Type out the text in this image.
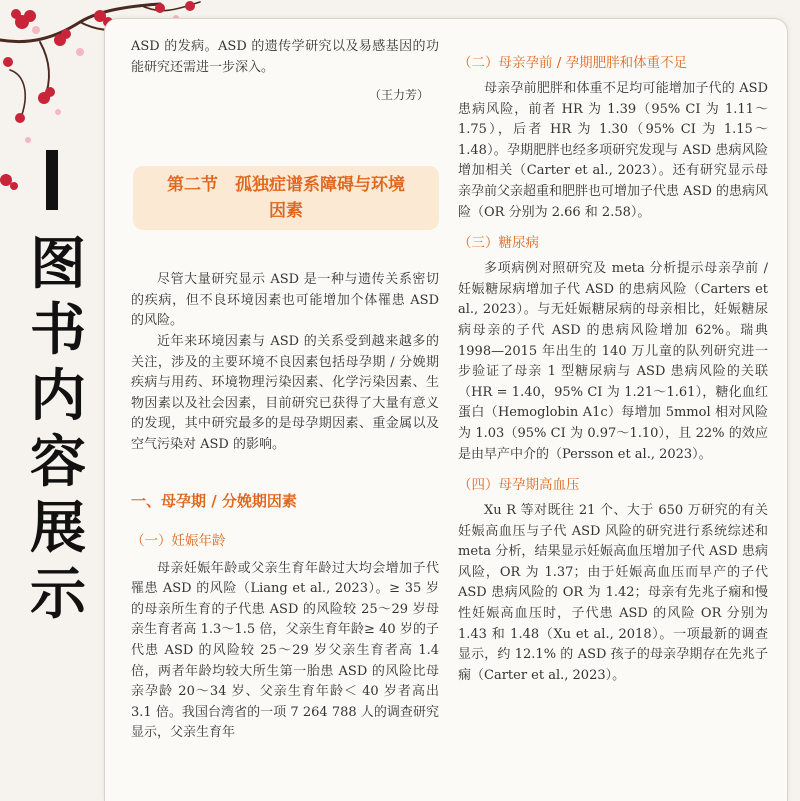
图
书
内
容
展
示

ASD 的发病。ASD 的遗传学研究以及易感基因的功能研究还需进一步深入。

（王力芳）
第二节　孤独症谱系障碍与环境
因素

尽管大量研究显示 ASD 是一种与遗传关系密切的疾病，但不良环境因素也可能增加个体罹患 ASD 的风险。

近年来环境因素与 ASD 的关系受到越来越多的关注，涉及的主要环境不良因素包括母孕期 / 分娩期疾病与用药、环境物理污染因素、化学污染因素、生物因素以及社会因素，目前研究已获得了大量有意义的发现，其中研究最多的是母孕期因素、重金属以及空气污染对 ASD 的影响。

一、母孕期 / 分娩期因素
（一）妊娠年龄

母亲妊娠年龄或父亲生育年龄过大均会增加子代罹患 ASD 的风险（Liang et al., 2023）。≥ 35 岁的母亲所生育的子代患 ASD 的风险较 25～29 岁母亲生育者高 1.3～1.5 倍，父亲生育年龄≥ 40 岁的子代患 ASD 的风险较 25～29 岁父亲生育者高 1.4 倍，两者年龄均较大所生第一胎患 ASD 的风险比母亲孕龄 20～34 岁、父亲生育年龄＜ 40 岁者高出 3.1 倍。我国台湾省的一项 7 264 788 人的调查研究显示，父亲生育年

（二）母亲孕前 / 孕期肥胖和体重不足

母亲孕前肥胖和体重不足均可能增加子代的 ASD 患病风险，前者 HR 为 1.39（95% CI 为 1.11～1.75），后者 HR 为 1.30（95% CI 为 1.15～1.48）。孕期肥胖也经多项研究发现与 ASD 患病风险增加相关（Carter et al., 2023）。还有研究显示母亲孕前父亲超重和肥胖也可增加子代患 ASD 的患病风险（OR 分别为 2.66 和 2.58）。

（三）糖尿病

多项病例对照研究及 meta 分析提示母亲孕前 / 妊娠糖尿病增加子代 ASD 的患病风险（Carters et al., 2023）。与无妊娠糖尿病的母亲相比，妊娠糖尿病母亲的子代 ASD 的患病风险增加 62%。瑞典 1998—2015 年出生的 140 万儿童的队列研究进一步验证了母亲 1 型糖尿病与 ASD 患病风险的关联（HR = 1.40，95% CI 为 1.21～1.61），糖化血红蛋白（Hemoglobin A1c）每增加 5mmol 相对风险 为 1.03（95% CI 为 0.97～1.10），且 22% 的效应是由早产中介的（Persson et al., 2023）。

（四）母孕期高血压

Xu R 等对既往 21 个、大于 650 万研究的有关妊娠高血压与子代 ASD 风险的研究进行系统综述和 meta 分析，结果显示妊娠高血压增加子代 ASD 患病风险，OR 为 1.37；由于妊娠高血压而早产的子代 ASD 患病风险的 OR 为 1.42；母亲有先兆子痫和慢性妊娠高血压时，子代患 ASD 的风险 OR 分别为 1.43 和 1.48（Xu et al., 2018）。一项最新的调查显示，约 12.1% 的 ASD 孩子的母亲孕期存在先兆子痫（Carter et al., 2023）。
